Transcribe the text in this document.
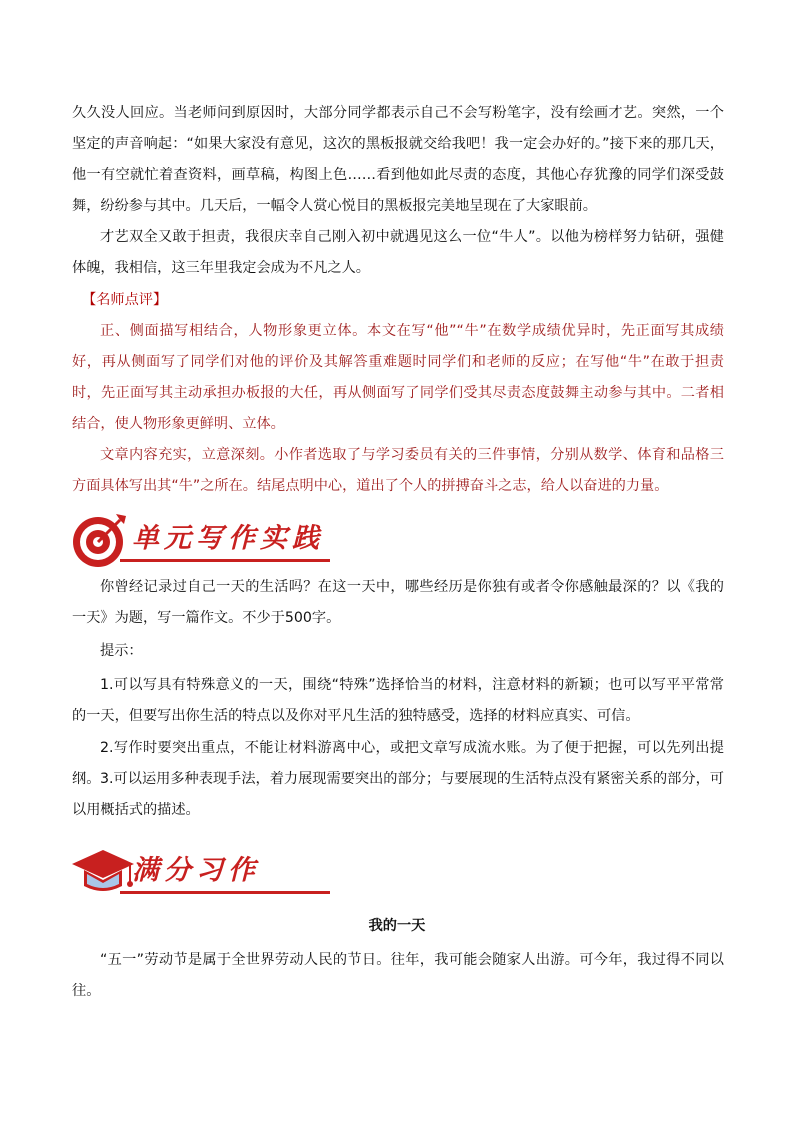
久久没人回应。当老师问到原因时，大部分同学都表示自己不会写粉笔字，没有绘画才艺。突然，一个坚定的声音响起：“如果大家没有意见，这次的黑板报就交给我吧！我一定会办好的。”接下来的那几天，他一有空就忙着查资料，画草稿，构图上色……看到他如此尽责的态度，其他心存犹豫的同学们深受鼓舞，纷纷参与其中。几天后，一幅令人赏心悦目的黑板报完美地呈现在了大家眼前。

才艺双全又敢于担责，我很庆幸自己刚入初中就遇见这么一位“牛人”。以他为榜样努力钻研，强健体魄，我相信，这三年里我定会成为不凡之人。

【名师点评】

正、侧面描写相结合，人物形象更立体。本文在写“他”“牛”在数学成绩优异时，先正面写其成绩好，再从侧面写了同学们对他的评价及其解答重难题时同学们和老师的反应；在写他“牛”在敢于担责时，先正面写其主动承担办板报的大任，再从侧面写了同学们受其尽责态度鼓舞主动参与其中。二者相结合，使人物形象更鲜明、立体。

文章内容充实，立意深刻。小作者选取了与学习委员有关的三件事情，分别从数学、体育和品格三方面具体写出其“牛”之所在。结尾点明中心，道出了个人的拼搏奋斗之志，给人以奋进的力量。

单元写作实践

你曾经记录过自己一天的生活吗？在这一天中，哪些经历是你独有或者令你感触最深的？以《我的一天》为题，写一篇作文。不少于500字。

提示：

1.可以写具有特殊意义的一天，围绕“特殊”选择恰当的材料，注意材料的新颖；也可以写平平常常的一天，但要写出你生活的特点以及你对平凡生活的独特感受，选择的材料应真实、可信。

2.写作时要突出重点，不能让材料游离中心，或把文章写成流水账。为了便于把握，可以先列出提纲。 3.可以运用多种表现手法，着力展现需要突出的部分；与要展现的生活特点没有紧密关系的部分，可以用概括式的描述。

满分习作
我的一天

“五一”劳动节是属于全世界劳动人民的节日。往年，我可能会随家人出游。可今年，我过得不同以往。
